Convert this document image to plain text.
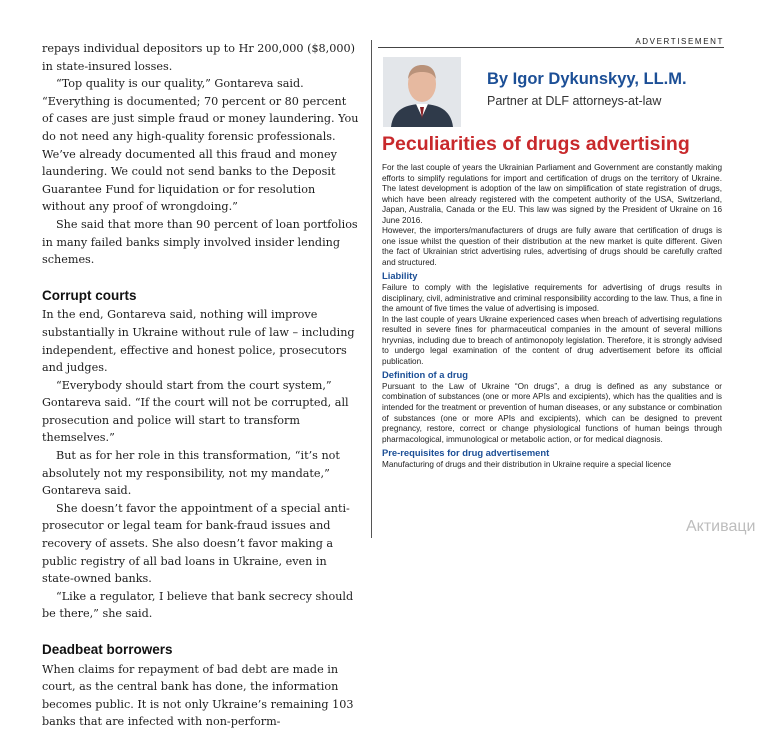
repays individual depositors up to Hr 200,000 ($8,000) in state-insured losses.

“Top quality is our quality,” Gontareva said. “Everything is documented; 70 percent or 80 percent of cases are just simple fraud or money laundering. You do not need any high-quality forensic professionals. We’ve already documented all this fraud and money laundering. We could not send banks to the Deposit Guarantee Fund for liquidation or for resolution without any proof of wrongdoing.”

She said that more than 90 percent of loan portfolios in many failed banks simply involved insider lending schemes.

Corrupt courts

In the end, Gontareva said, nothing will improve substantially in Ukraine without rule of law – including independent, effective and honest police, prosecutors and judges.

“Everybody should start from the court system,” Gontareva said. “If the court will not be corrupted, all prosecution and police will start to transform themselves.”

But as for her role in this transformation, “it’s not absolutely not my responsibility, not my mandate,” Gontareva said.

She doesn’t favor the appointment of a special anti-prosecutor or legal team for bank-fraud issues and recovery of assets. She also doesn’t favor making a public registry of all bad loans in Ukraine, even in state-owned banks.

“Like a regulator, I believe that bank secrecy should be there,” she said.

Deadbeat borrowers

When claims for repayment of bad debt are made in court, as the central bank has done, the information becomes public. It is not only Ukraine’s remaining 103 banks that are infected with non-perform-

ADVERTISEMENT
By Igor Dykunskyy, LL.M.
Partner at DLF attorneys-at-law
Peculiarities of drugs advertising

For the last couple of years the Ukrainian Parliament and Government are constantly making efforts to simplify regulations for import and certification of drugs on the territory of Ukraine. The latest development is adoption of the law on simplification of state registration of drugs, which have been already registered with the competent authority of the USA, Switzerland, Japan, Australia, Canada or the EU. This law was signed by the President of Ukraine on 16 June 2016.

However, the importers/manufacturers of drugs are fully aware that certification of drugs is one issue whilst the question of their distribution at the new market is quite different. Given the fact of Ukrainian strict advertising rules, advertising of drugs should be carefully crafted and structured.

Liability

Failure to comply with the legislative requirements for advertising of drugs results in disciplinary, civil, administrative and criminal responsibility according to the law. Thus, a fine in the amount of five times the value of advertising is imposed.

In the last couple of years Ukraine experienced cases when breach of advertising regulations resulted in severe fines for pharmaceutical companies in the amount of several millions hryvnias, including due to breach of antimonopoly legislation. Therefore, it is strongly advised to undergo legal examination of the content of drug advertisement before its official publication.

Definition of a drug

Pursuant to the Law of Ukraine “On drugs”, a drug is defined as any substance or combination of substances (one or more APIs and excipients), which has the qualities and is intended for the treatment or prevention of human diseases, or any substance or combination of substances (one or more APIs and excipients), which can be designed to prevent pregnancy, restore, correct or change physiological functions of human beings through pharmacological, immunological or metabolic action, or for medical diagnosis.

Pre-requisites for drug advertisement

Manufacturing of drugs and their distribution in Ukraine require a special licence

Активаци
